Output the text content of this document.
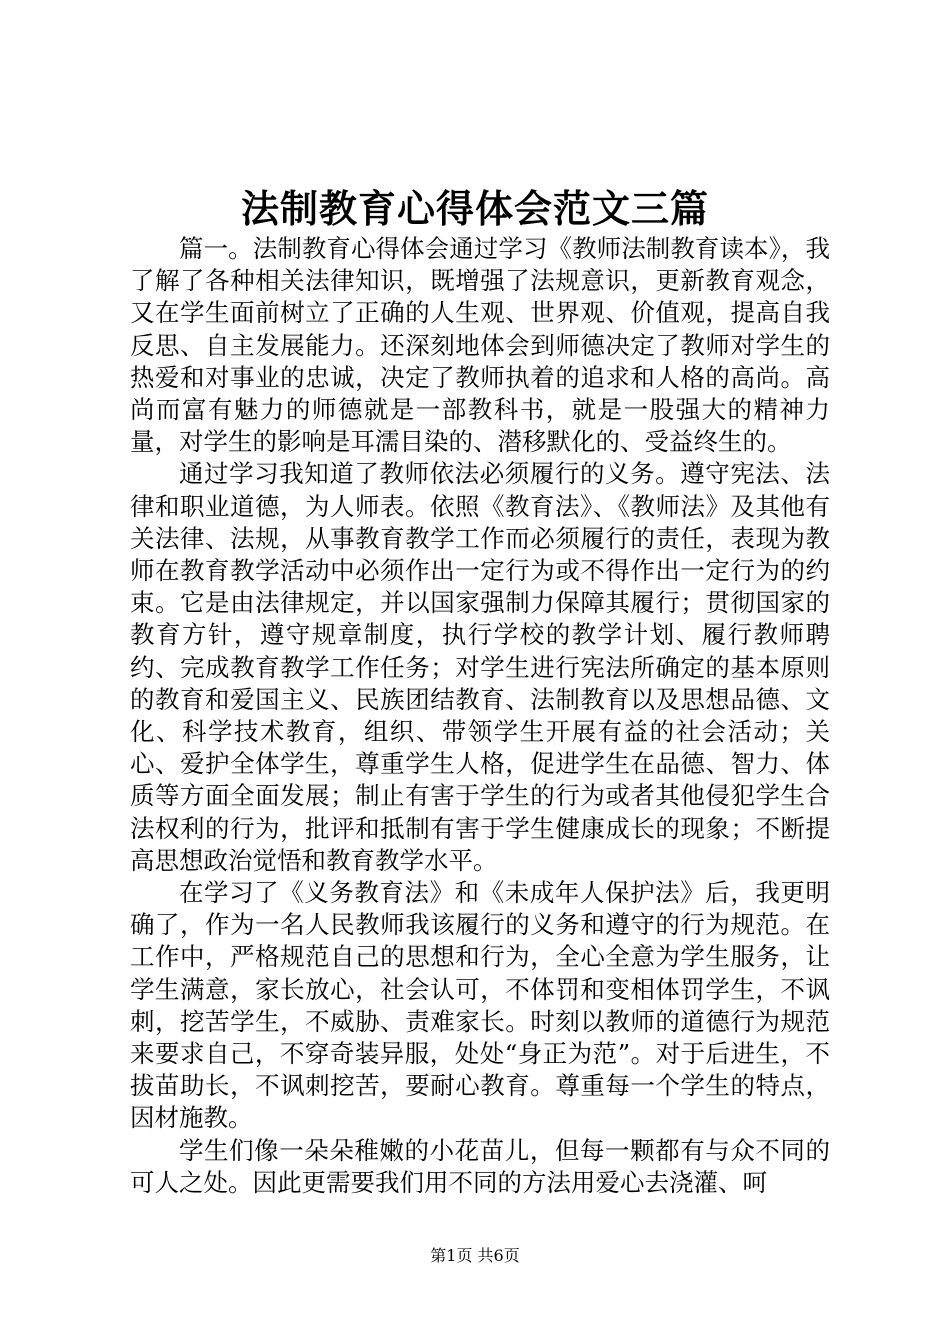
法制教育心得体会范文三篇

篇一。法制教育心得体会通过学习《教师法制教育读本》，我了解了各种相关法律知识，既增强了法规意识，更新教育观念，又在学生面前树立了正确的人生观、世界观、价值观，提高自我反思、自主发展能力。还深刻地体会到师德决定了教师对学生的热爱和对事业的忠诚，决定了教师执着的追求和人格的高尚。高尚而富有魅力的师德就是一部教科书，就是一股强大的精神力量，对学生的影响是耳濡目染的、潜移默化的、受益终生的。

通过学习我知道了教师依法必须履行的义务。遵守宪法、法律和职业道德，为人师表。依照《教育法》、《教师法》及其他有关法律、法规，从事教育教学工作而必须履行的责任，表现为教师在教育教学活动中必须作出一定行为或不得作出一定行为的约束。它是由法律规定，并以国家强制力保障其履行；贯彻国家的教育方针，遵守规章制度，执行学校的教学计划、履行教师聘约、完成教育教学工作任务；对学生进行宪法所确定的基本原则的教育和爱国主义、民族团结教育、法制教育以及思想品德、文化、科学技术教育，组织、带领学生开展有益的社会活动；关心、爱护全体学生，尊重学生人格，促进学生在品德、智力、体质等方面全面发展；制止有害于学生的行为或者其他侵犯学生合法权利的行为，批评和抵制有害于学生健康成长的现象；不断提高思想政治觉悟和教育教学水平。

在学习了《义务教育法》和《未成年人保护法》后，我更明确了，作为一名人民教师我该履行的义务和遵守的行为规范。在工作中，严格规范自己的思想和行为，全心全意为学生服务，让学生满意，家长放心，社会认可，不体罚和变相体罚学生，不讽刺，挖苦学生，不威胁、责难家长。时刻以教师的道德行为规范来要求自己，不穿奇装异服，处处“身正为范”。对于后进生，不拔苗助长，不讽刺挖苦，要耐心教育。尊重每一个学生的特点，因材施教。

学生们像一朵朵稚嫩的小花苗儿，但每一颗都有与众不同的可人之处。因此更需要我们用不同的方法用爱心去浇灌、呵

第1页 共6页
